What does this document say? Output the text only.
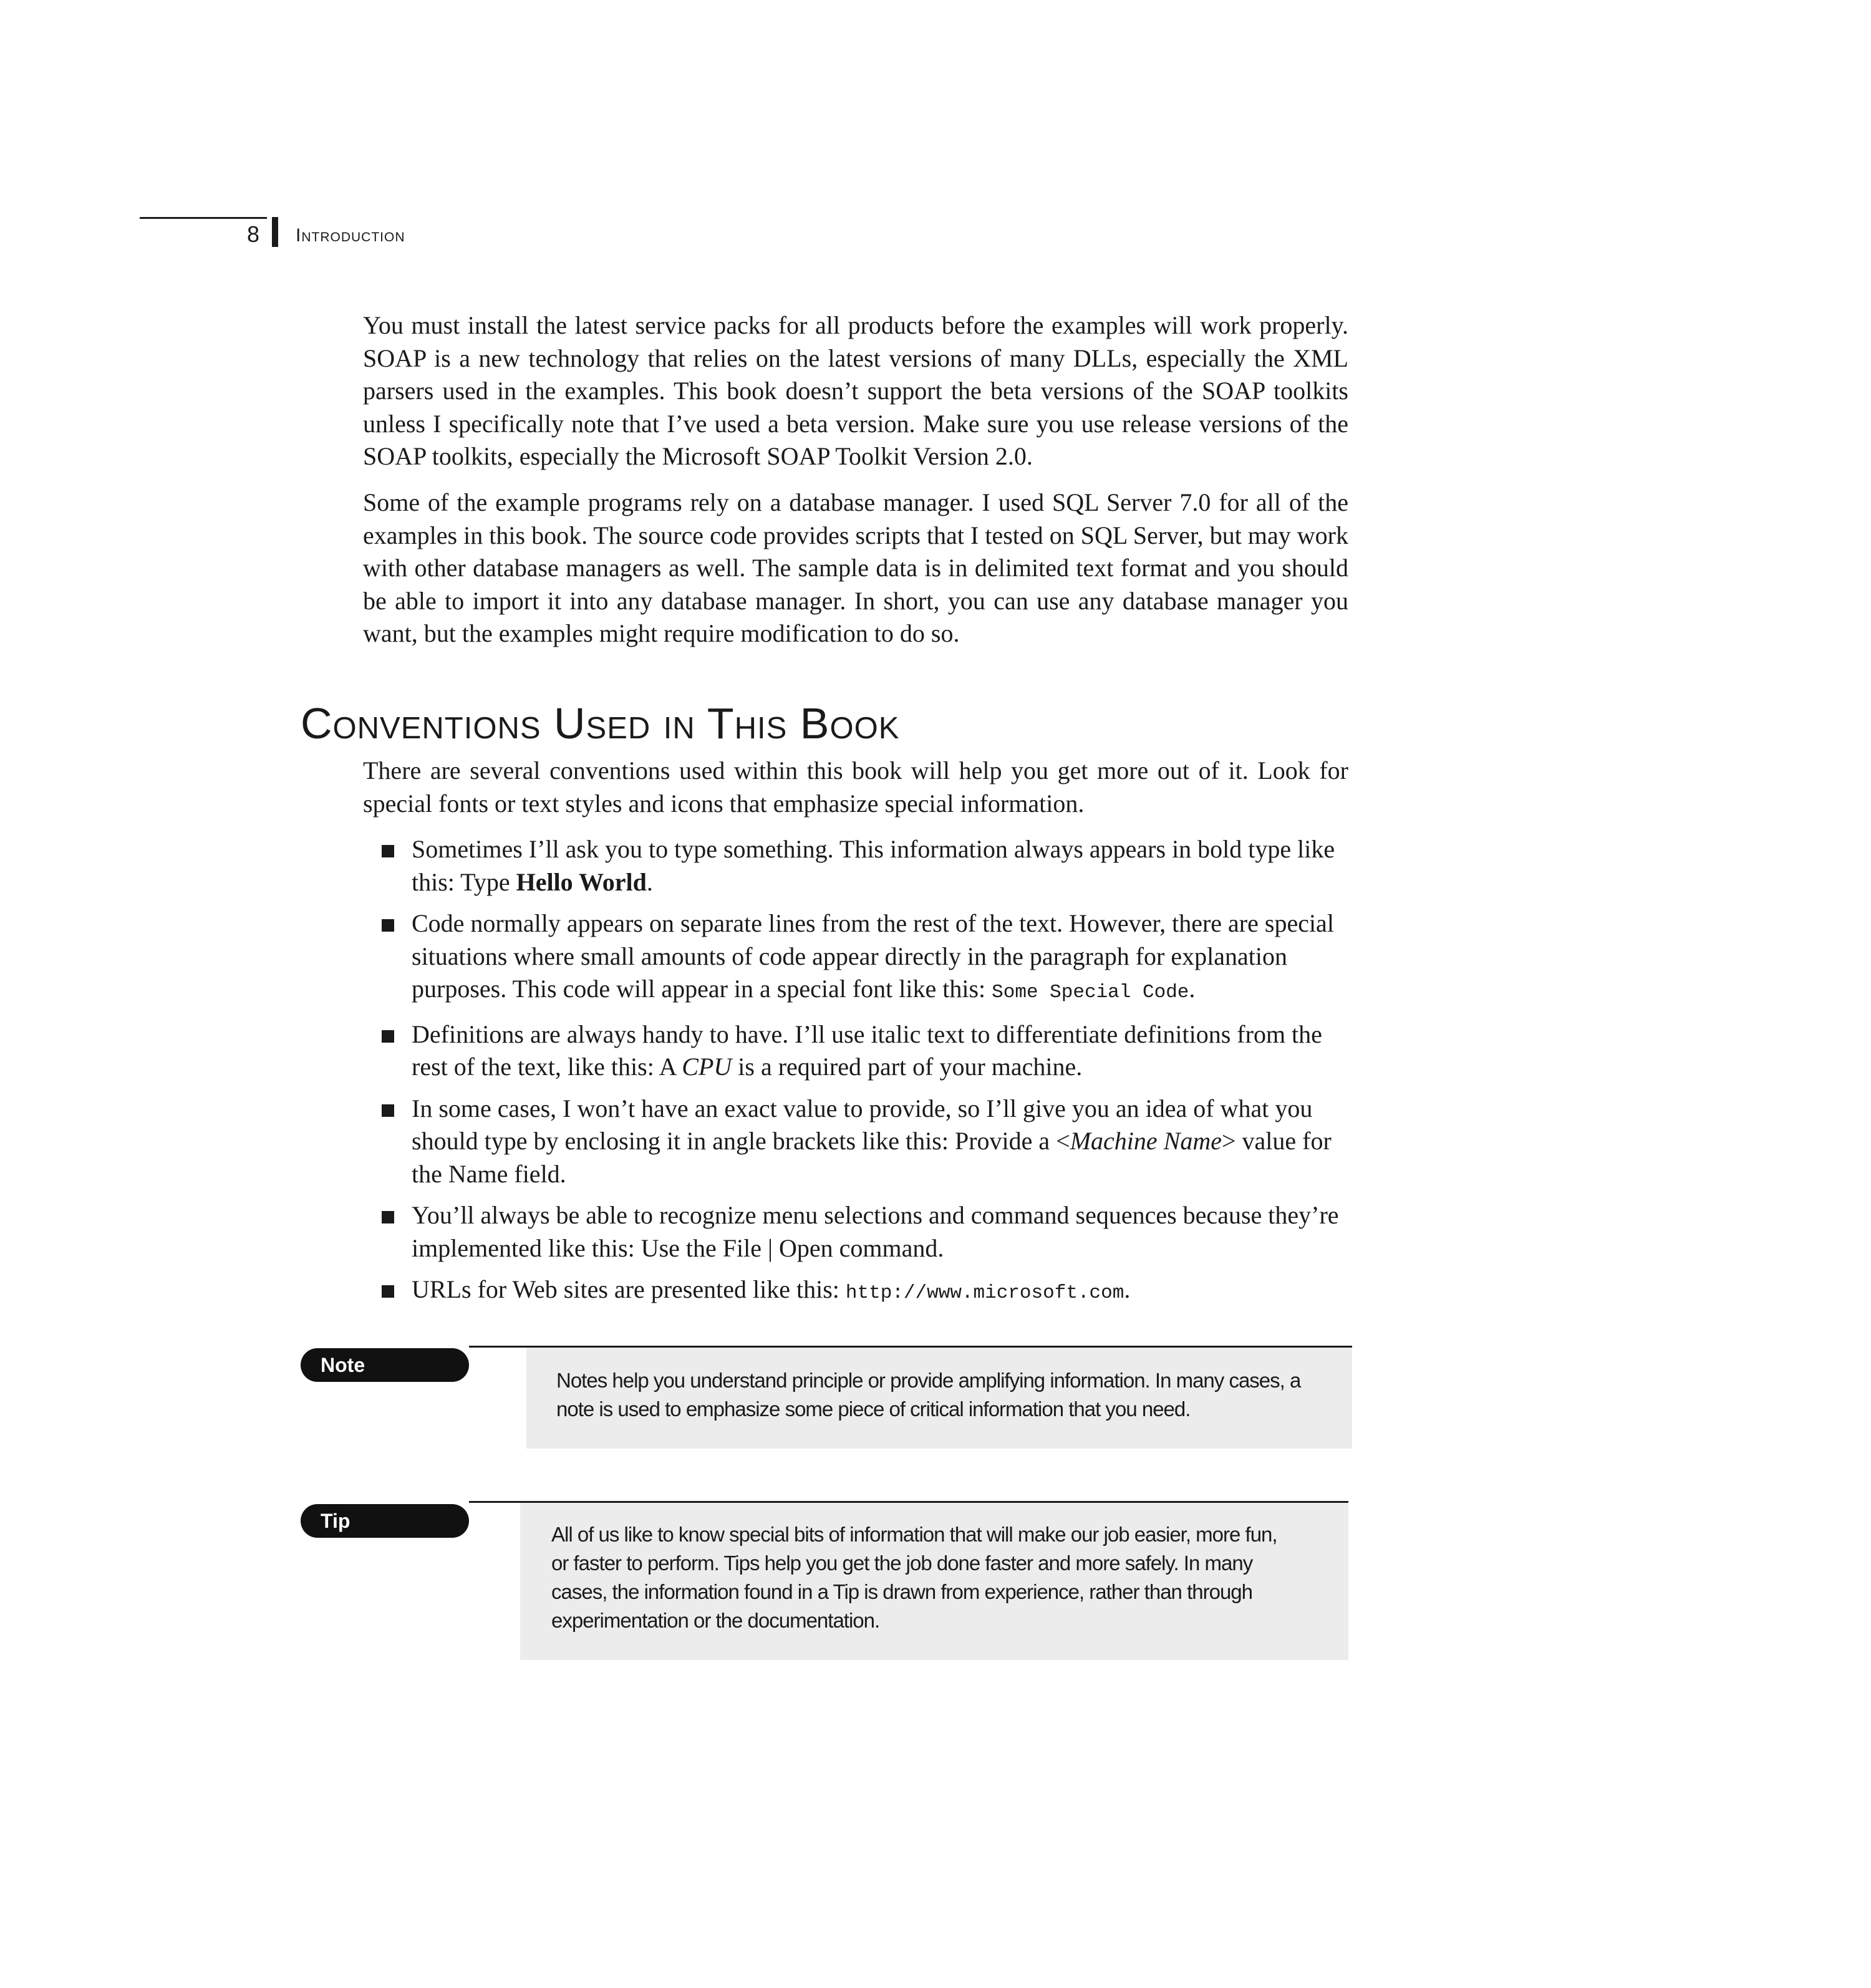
8 Introduction

You must install the latest service packs for all products before the examples will work properly. SOAP is a new technology that relies on the latest versions of many DLLs, especially the XML parsers used in the examples. This book doesn’t support the beta versions of the SOAP toolkits unless I specifically note that I’ve used a beta version. Make sure you use release versions of the SOAP toolkits, especially the Microsoft SOAP Toolkit Version 2.0.

Some of the example programs rely on a database manager. I used SQL Server 7.0 for all of the examples in this book. The source code provides scripts that I tested on SQL Server, but may work with other database managers as well. The sample data is in delimited text format and you should be able to import it into any database manager. In short, you can use any database manager you want, but the examples might require modification to do so.

Conventions Used in This Book

There are several conventions used within this book will help you get more out of it. Look for special fonts or text styles and icons that emphasize special information.

Sometimes I’ll ask you to type something. This information always appears in bold type like this: Type Hello World.
Code normally appears on separate lines from the rest of the text. However, there are special situations where small amounts of code appear directly in the paragraph for explanation purposes. This code will appear in a special font like this: Some Special Code.
Definitions are always handy to have. I’ll use italic text to differentiate definitions from the rest of the text, like this: A CPU is a required part of your machine.
In some cases, I won’t have an exact value to provide, so I’ll give you an idea of what you should type by enclosing it in angle brackets like this: Provide a <Machine Name> value for the Name field.
You’ll always be able to recognize menu selections and command sequences because they’re implemented like this: Use the File | Open command.
URLs for Web sites are presented like this: http://www.microsoft.com.
Note

Notes help you understand principle or provide amplifying information. In many cases, a note is used to emphasize some piece of critical information that you need.

Tip

All of us like to know special bits of information that will make our job easier, more fun, or faster to perform. Tips help you get the job done faster and more safely. In many cases, the information found in a Tip is drawn from experience, rather than through experimentation or the documentation.
